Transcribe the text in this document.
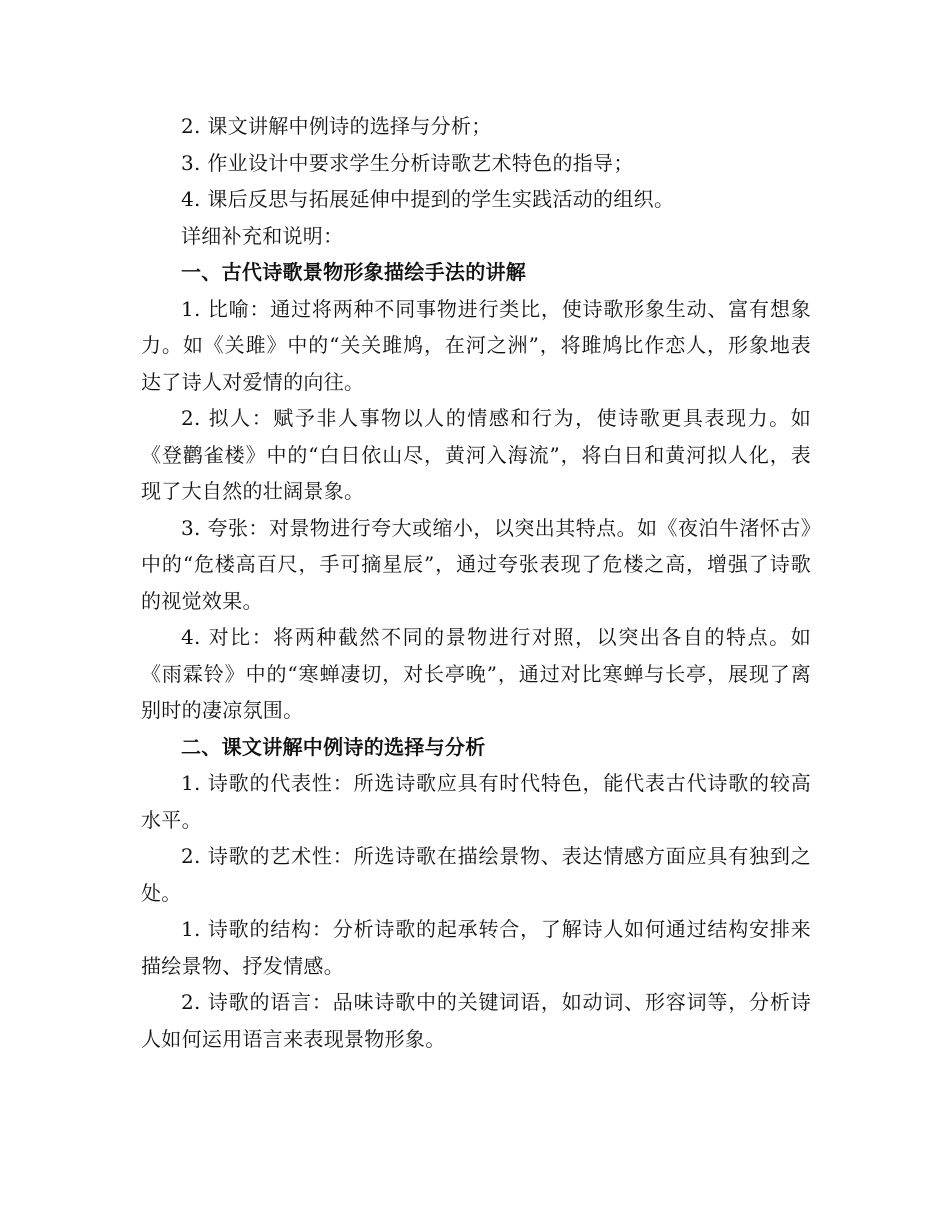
2. 课文讲解中例诗的选择与分析；

3. 作业设计中要求学生分析诗歌艺术特色的指导；

4. 课后反思与拓展延伸中提到的学生实践活动的组织。

详细补充和说明：

一、古代诗歌景物形象描绘手法的讲解

1. 比喻：通过将两种不同事物进行类比，使诗歌形象生动、富有想象力。如《关雎》中的“关关雎鸠，在河之洲”，将雎鸠比作恋人，形象地表达了诗人对爱情的向往。

2. 拟人：赋予非人事物以人的情感和行为，使诗歌更具表现力。如《登鹳雀楼》中的“白日依山尽，黄河入海流”，将白日和黄河拟人化，表现了大自然的壮阔景象。

3. 夸张：对景物进行夸大或缩小，以突出其特点。如《夜泊牛渚怀古》中的“危楼高百尺，手可摘星辰”，通过夸张表现了危楼之高，增强了诗歌的视觉效果。

4. 对比：将两种截然不同的景物进行对照，以突出各自的特点。如《雨霖铃》中的“寒蝉凄切，对长亭晚”，通过对比寒蝉与长亭，展现了离别时的凄凉氛围。

二、课文讲解中例诗的选择与分析

1. 诗歌的代表性：所选诗歌应具有时代特色，能代表古代诗歌的较高水平。

2. 诗歌的艺术性：所选诗歌在描绘景物、表达情感方面应具有独到之处。

1. 诗歌的结构：分析诗歌的起承转合，了解诗人如何通过结构安排来描绘景物、抒发情感。

2. 诗歌的语言：品味诗歌中的关键词语，如动词、形容词等，分析诗人如何运用语言来表现景物形象。
